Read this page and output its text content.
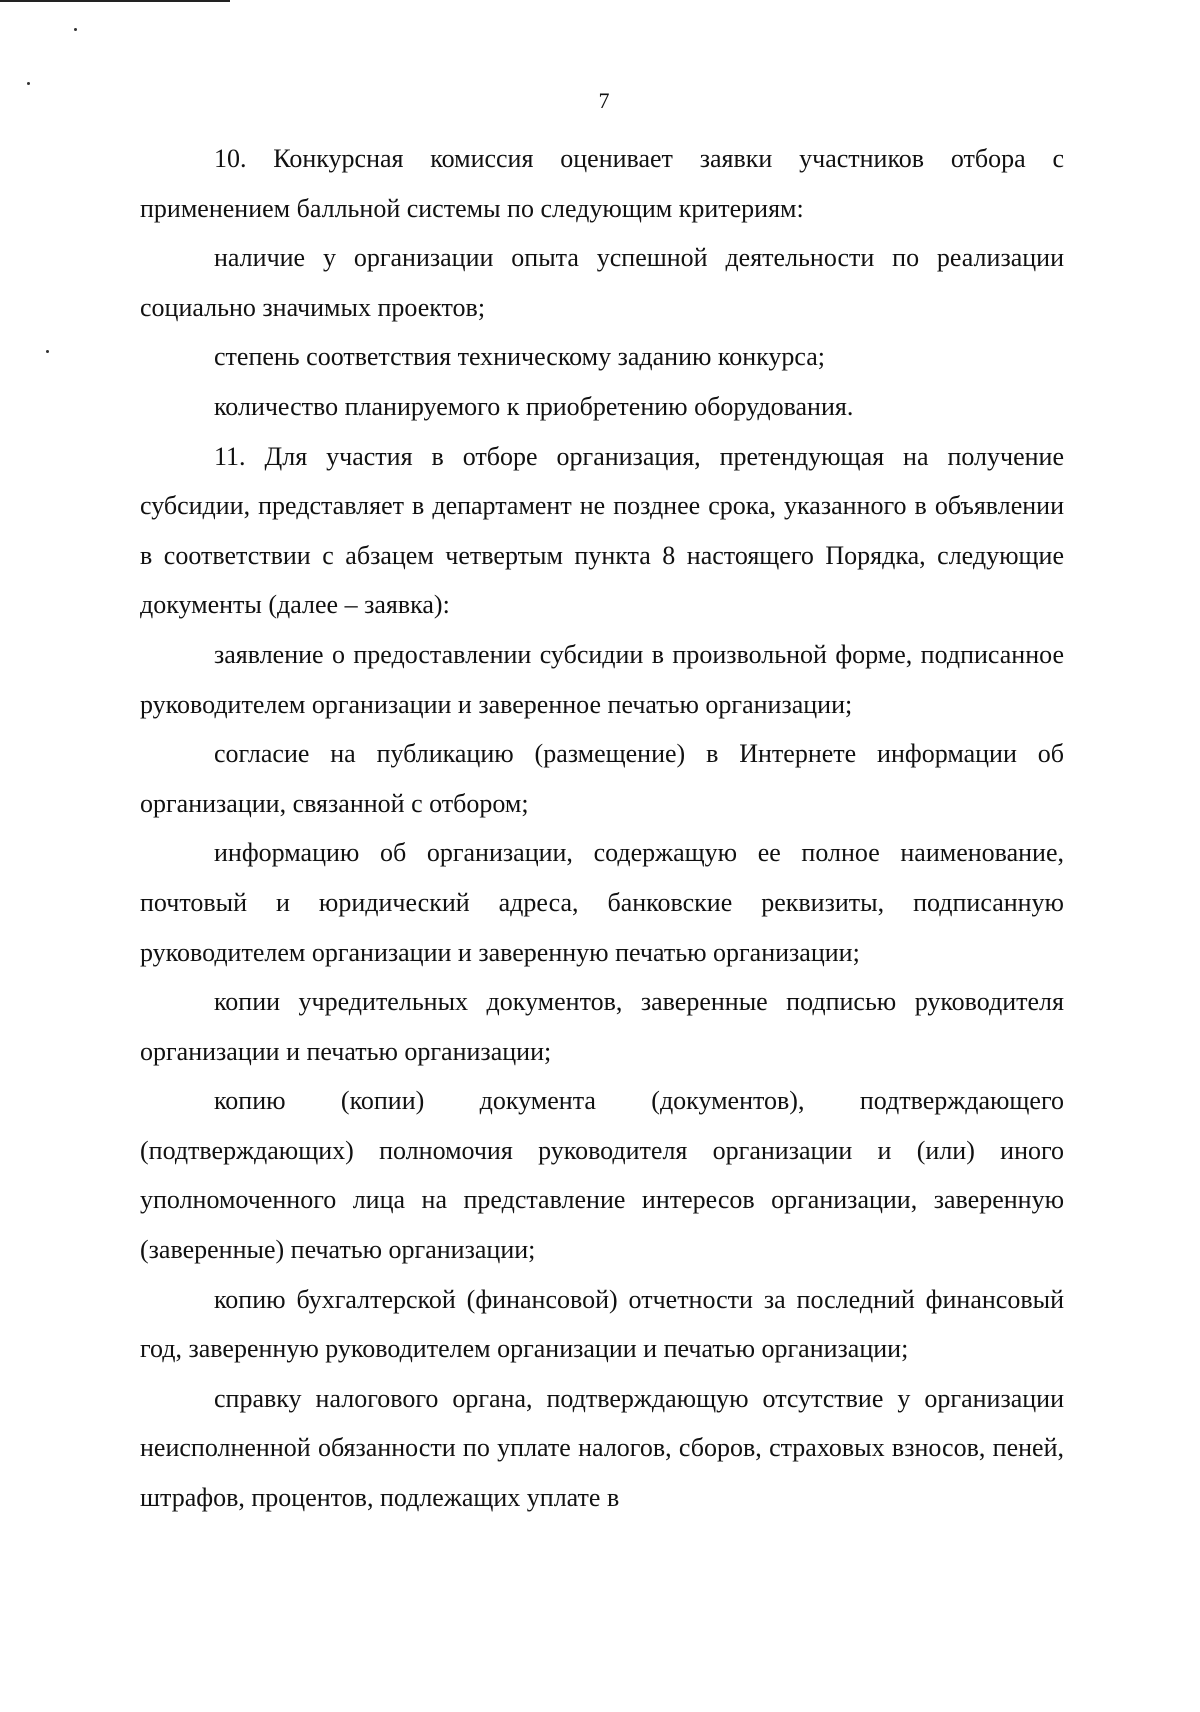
7

10. Конкурсная комиссия оценивает заявки участников отбора с применением балльной системы по следующим критериям:

наличие у организации опыта успешной деятельности по реализации социально значимых проектов;

степень соответствия техническому заданию конкурса;

количество планируемого к приобретению оборудования.

11. Для участия в отборе организация, претендующая на получение субсидии, представляет в департамент не позднее срока, указанного в объявлении в соответствии с абзацем четвертым пункта 8 настоящего Порядка, следующие документы (далее – заявка):

заявление о предоставлении субсидии в произвольной форме, подписанное руководителем организации и заверенное печатью организации;

согласие на публикацию (размещение) в Интернете информации об организации, связанной с отбором;

информацию об организации, содержащую ее полное наименование, почтовый и юридический адреса, банковские реквизиты, подписанную руководителем организации и заверенную печатью организации;

копии учредительных документов, заверенные подписью руководителя организации и печатью организации;

копию (копии) документа (документов), подтверждающего (подтверждающих) полномочия руководителя организации и (или) иного уполномоченного лица на представление интересов организации, заверенную (заверенные) печатью организации;

копию бухгалтерской (финансовой) отчетности за последний финансовый год, заверенную руководителем организации и печатью организации;

справку налогового органа, подтверждающую отсутствие у организации неисполненной обязанности по уплате налогов, сборов, страховых взносов, пеней, штрафов, процентов, подлежащих уплате в
